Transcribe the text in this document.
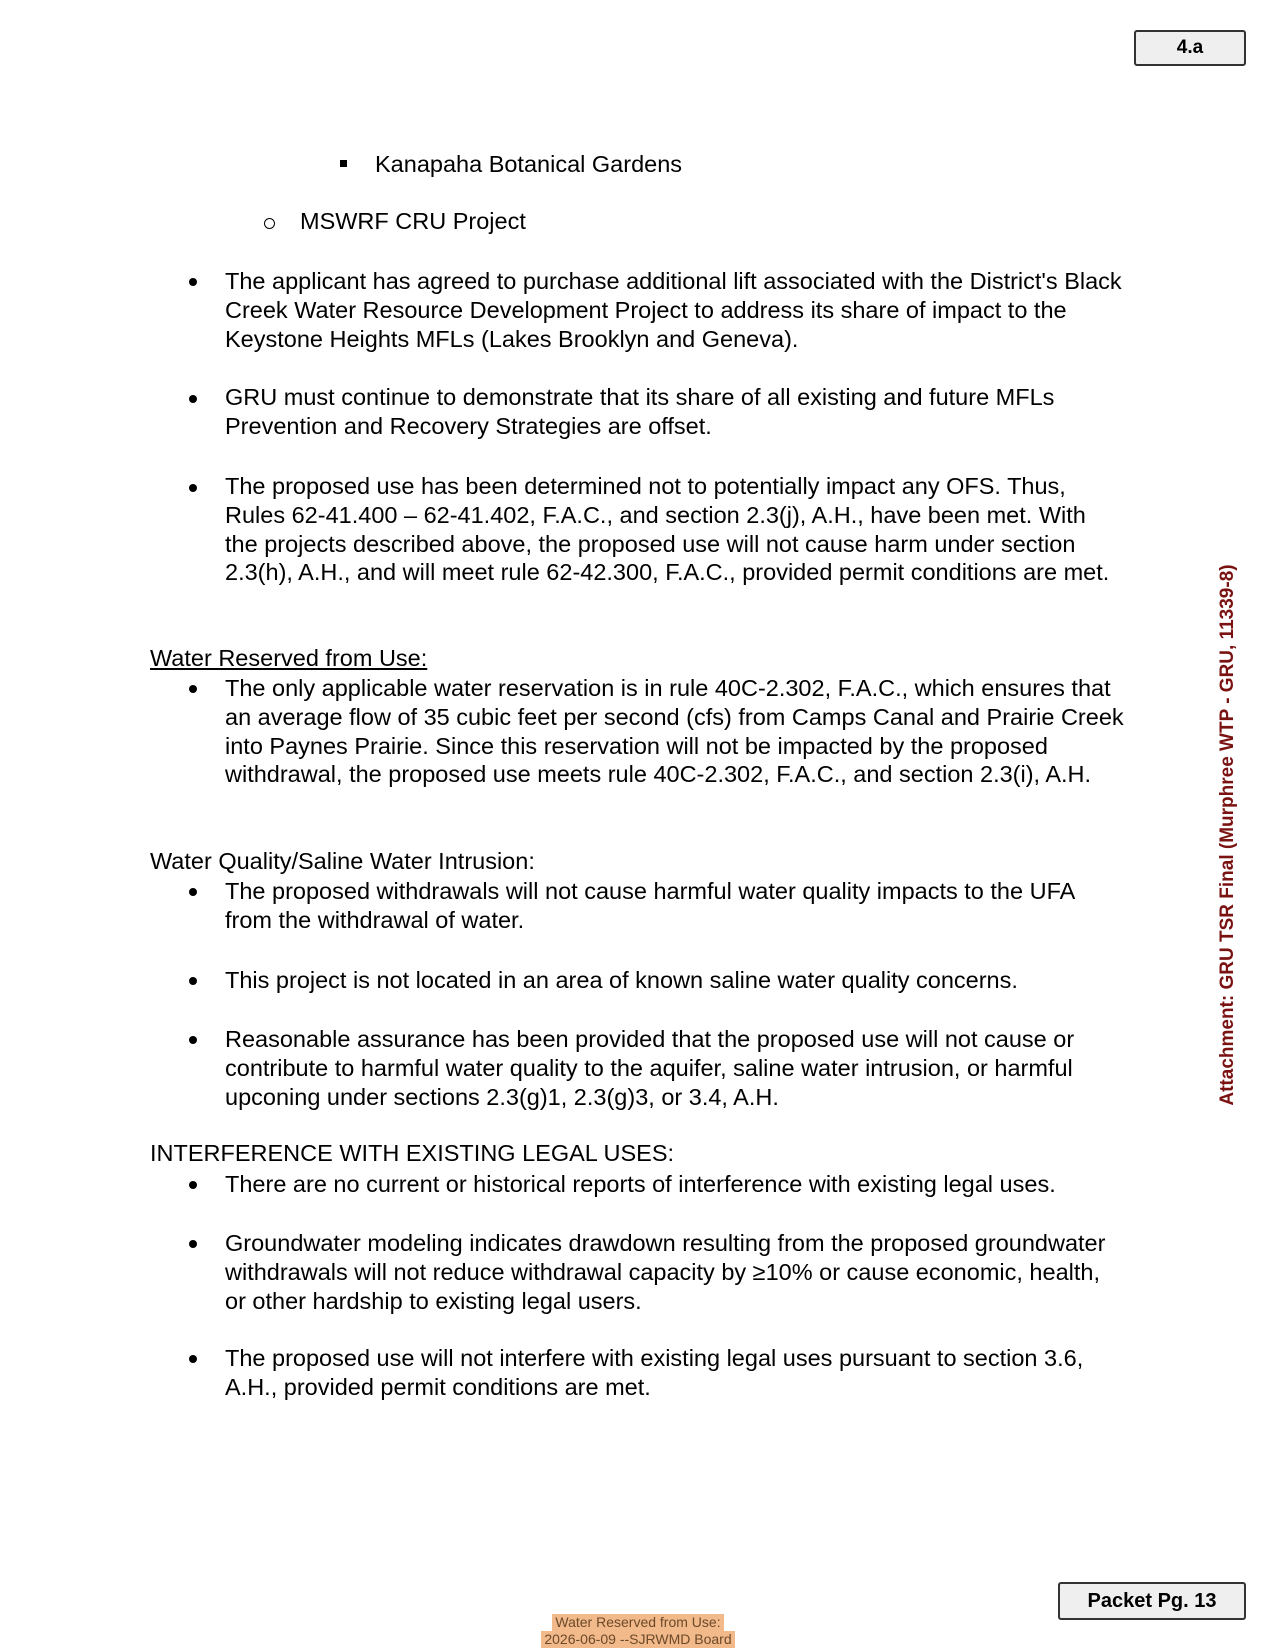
4.a
Attachment: GRU TSR Final (Murphree WTP - GRU, 11339-8)
Kanapaha Botanical Gardens
MSWRF CRU Project
The applicant has agreed to purchase additional lift associated with the District's Black Creek Water Resource Development Project to address its share of impact to the Keystone Heights MFLs (Lakes Brooklyn and Geneva).
GRU must continue to demonstrate that its share of all existing and future MFLs Prevention and Recovery Strategies are offset.
The proposed use has been determined not to potentially impact any OFS. Thus, Rules 62-41.400 – 62-41.402, F.A.C., and section 2.3(j), A.H., have been met. With the projects described above, the proposed use will not cause harm under section 2.3(h), A.H., and will meet rule 62-42.300, F.A.C., provided permit conditions are met.
Water Reserved from Use:
The only applicable water reservation is in rule 40C-2.302, F.A.C., which ensures that an average flow of 35 cubic feet per second (cfs) from Camps Canal and Prairie Creek into Paynes Prairie. Since this reservation will not be impacted by the proposed withdrawal, the proposed use meets rule 40C-2.302, F.A.C., and section 2.3(i), A.H.
Water Quality/Saline Water Intrusion:
The proposed withdrawals will not cause harmful water quality impacts to the UFA from the withdrawal of water.
This project is not located in an area of known saline water quality concerns.
Reasonable assurance has been provided that the proposed use will not cause or contribute to harmful water quality to the aquifer, saline water intrusion, or harmful upconing under sections 2.3(g)1, 2.3(g)3, or 3.4, A.H.
INTERFERENCE WITH EXISTING LEGAL USES:
There are no current or historical reports of interference with existing legal uses.
Groundwater modeling indicates drawdown resulting from the proposed groundwater withdrawals will not reduce withdrawal capacity by ≥10% or cause economic, health, or other hardship to existing legal users.
The proposed use will not interfere with existing legal uses pursuant to section 3.6, A.H., provided permit conditions are met.
Packet Pg. 13
Water Reserved from Use:
2026-06-09 --SJRWMD Board
